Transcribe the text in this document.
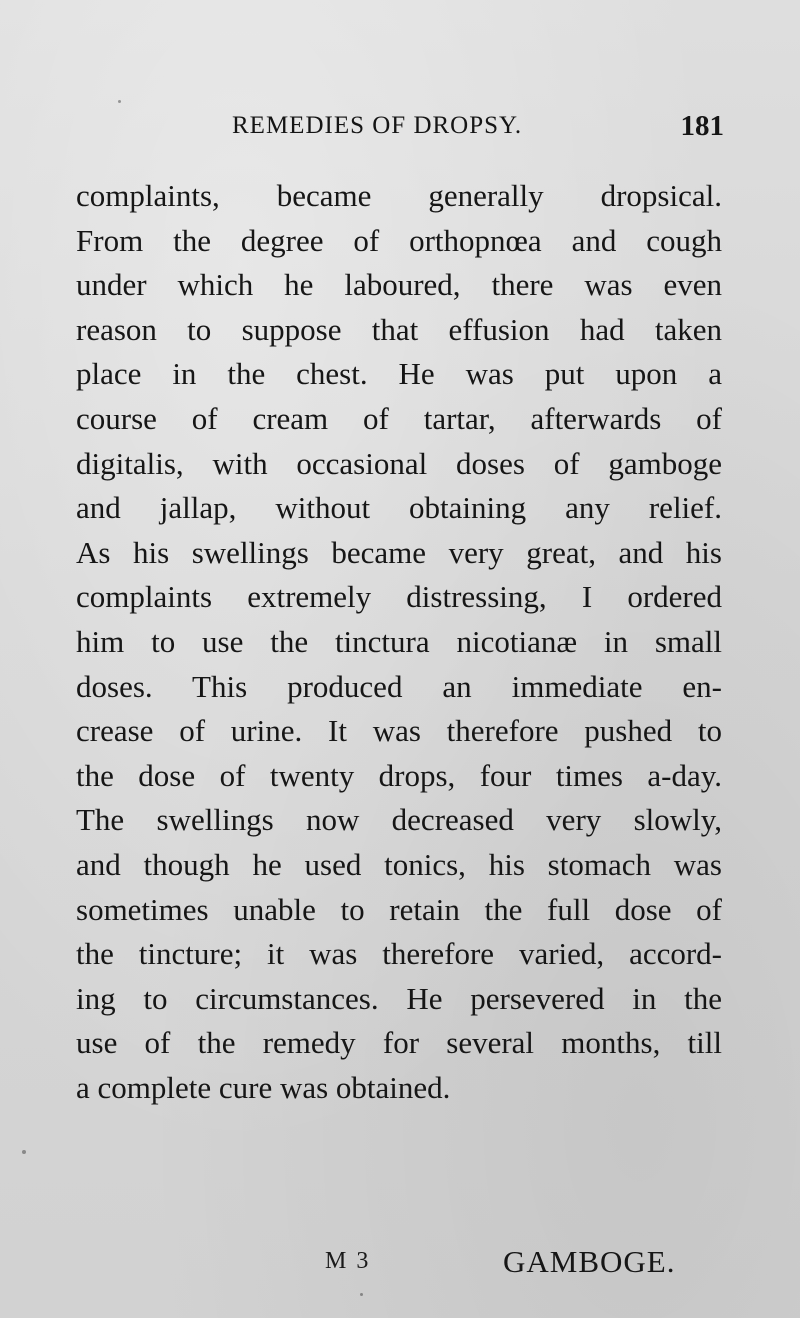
REMEDIES OF DROPSY.	181
complaints, became generally dropsical.
From the degree of orthopnœa and cough
under which he laboured, there was even
reason to suppose that effusion had taken
place in the chest. He was put upon a
course of cream of tartar, afterwards of
digitalis, with occasional doses of gamboge
and jallap, without obtaining any relief.
As his swellings became very great, and his
complaints extremely distressing, I ordered
him to use the tinctura nicotianæ in small
doses. This produced an immediate en-
crease of urine. It was therefore pushed to
the dose of twenty drops, four times a-day.
The swellings now decreased very slowly,
and though he used tonics, his stomach was
sometimes unable to retain the full dose of
the tincture; it was therefore varied, accord-
ing to circumstances. He persevered in the
use of the remedy for several months, till
a complete cure was obtained.
M 3	GAMBOGE.
